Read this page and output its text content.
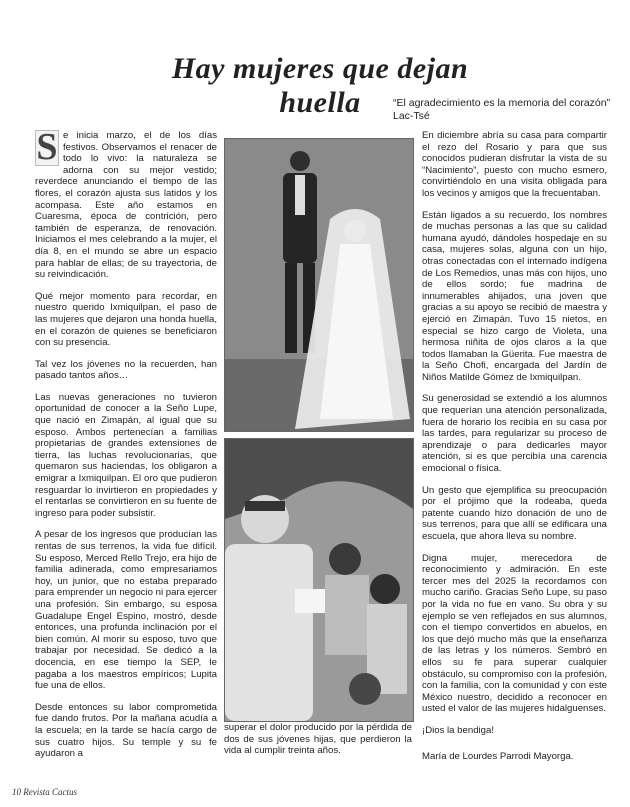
Hay mujeres que dejan huella	“El agradecimiento es la memoria del corazón”
Lac-Tsé

S e inicia marzo, el de los días festivos. Observamos el renacer de todo lo vivo: la naturaleza se adorna con su mejor vestido; reverdece anunciando el tiempo de las flores, el corazón ajusta sus latidos y los acompasa. Este año estamos en Cuaresma, época de contrición, pero también de esperanza, de renovación. Iniciamos el mes celebrando a la mujer, el día 8, en el mundo se abre un espacio para hablar de ellas; de su trayectoria, de su reivindicación.

Qué mejor momento para recordar, en nuestro querido Ixmiquilpan, el paso de las mujeres que dejaron una honda huella, en el corazón de quienes se beneficiaron con su presencia.

Tal vez los jóvenes no la recuerden, han pasado tantos años…

Las nuevas generaciones no tuvieron oportunidad de conocer a la Seño Lupe, que nació en Zimapán, al igual que su esposo. Ambos pertenecían a familias propietarias de grandes extensiones de tierra, las luchas revolucionarias, que quemaron sus haciendas, los obligaron a emigrar a Ixmiquilpan. El oro que pudieron resguardar lo invirtieron en propiedades y el rentarlas se convirtieron en su fuente de ingreso para poder subsistir.

A pesar de los ingresos que producían las rentas de sus terrenos, la vida fue difícil. Su esposo, Merced Rello Trejo, era hijo de familia adinerada, como empresariamos hoy, un junior, que no estaba preparado para emprender un negocio ni para ejercer una profesión. Sin embargo, su esposa Guadalupe Engel Espino, mostró, desde entonces, una profunda inclinación por el bien común. Al morir su esposo, tuvo que trabajar por necesidad. Se dedicó a la docencia, en ese tiempo la SEP, le pagaba a los maestros empíricos; Lupita fue una de ellos.

Desde entonces su labor comprometida fue dando frutos. Por la mañana acudía a la escuela; en la tarde se hacía cargo de sus cuatro hijos. Su temple y su fe ayudaron a

superar el dolor producido por la pérdida de dos de sus jóvenes hijas, que perdieron la vida al cumplir treinta años.

En diciembre abría su casa para compartir el rezo del Rosario y para que sus conocidos pudieran disfrutar la vista de su “Nacimiento”, puesto con mucho esmero, convirtiéndolo en una visita obligada para los vecinos y amigos que la frecuentaban.

Están ligados a su recuerdo, los nombres de muchas personas a las que su calidad humana ayudó, dándoles hospedaje en su casa, mujeres solas, alguna con un hijo, otras conectadas con el internado indígena de Los Remedios, unas más con hijos, uno de ellos sordo; fue madrina de innumerables ahijados, una joven que gracias a su apoyo se recibió de maestra y ejerció en Zimapán. Tuvo 15 nietos, en especial se hizo cargo de Violeta, una hermosa niñita de ojos claros a la que todos llamaban la Güerita. Fue maestra de la Seño Chofi, encargada del Jardín de Niños Matilde Gómez de Ixmiquilpan.

Su generosidad se extendió a los alumnos que requerían una atención personalizada, fuera de horario los recibía en su casa por las tardes, para regularizar su proceso de aprendizaje o para dedicarles mayor atención, si es que percibía una carencia emocional o física.

Un gesto que ejemplifica su preocupación por el prójimo que la rodeaba, queda patente cuando hizo donación de uno de sus terrenos, para que allí se edificara una escuela, que ahora lleva su nombre.

Digna mujer, merecedora de reconocimiento y admiración. En este tercer mes del 2025 la recordamos con mucho cariño. Gracias Seño Lupe, su paso por la vida no fue en vano. Su obra y su ejemplo se ven reflejados en sus alumnos, con el tiempo convertidos en abuelos, en los que dejó mucho más que la enseñanza de las letras y los números. Sembró en ellos su fe para superar cualquier obstáculo, su compromiso con la profesión, con la familia, con la comunidad y con este México nuestro, decidido a reconocer en usted el valor de las mujeres hidalguenses.

¡Dios la bendiga!

María de Lourdes Parrodi Mayorga.

10 Revista Cactus
